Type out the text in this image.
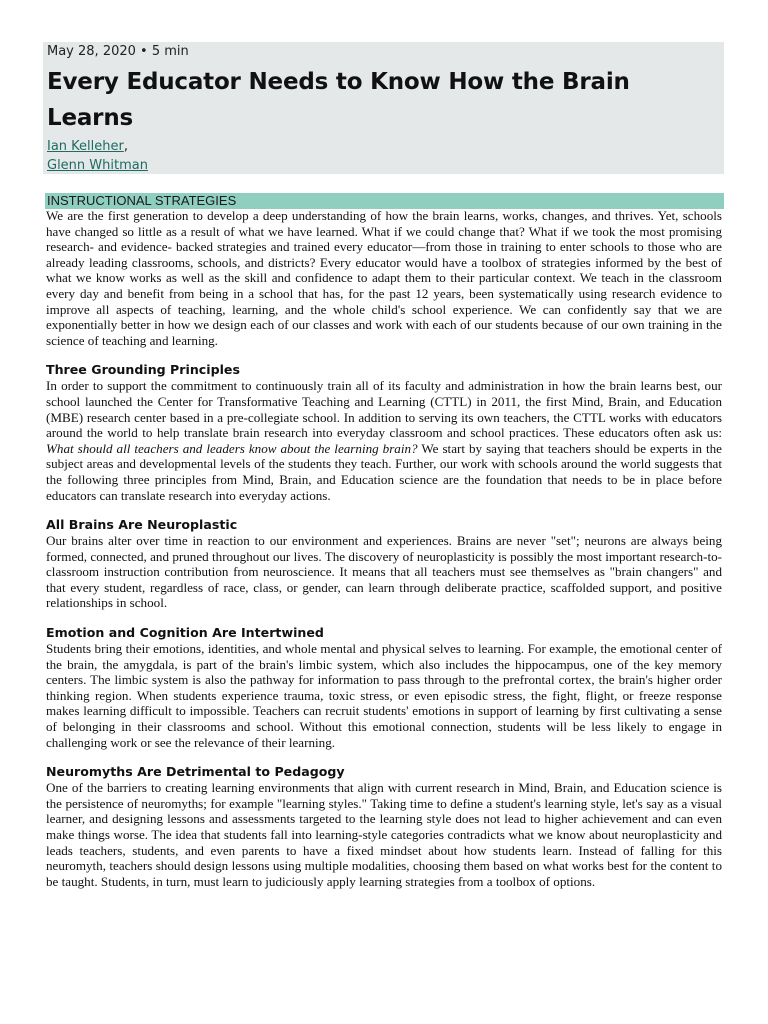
May 28, 2020 • 5 min
Every Educator Needs to Know How the Brain Learns
Ian Kelleher,
Glenn Whitman
INSTRUCTIONAL STRATEGIES

We are the first generation to develop a deep understanding of how the brain learns, works, changes, and thrives. Yet, schools have changed so little as a result of what we have learned. What if we could change that? What if we took the most promising research- and evidence- backed strategies and trained every educator—from those in training to enter schools to those who are already leading classrooms, schools, and districts? Every educator would have a toolbox of strategies informed by the best of what we know works as well as the skill and confidence to adapt them to their particular context. We teach in the classroom every day and benefit from being in a school that has, for the past 12 years, been systematically using research evidence to improve all aspects of teaching, learning, and the whole child's school experience. We can confidently say that we are exponentially better in how we design each of our classes and work with each of our students because of our own training in the science of teaching and learning.

Three Grounding Principles

In order to support the commitment to continuously train all of its faculty and administration in how the brain learns best, our school launched the Center for Transformative Teaching and Learning (CTTL) in 2011, the first Mind, Brain, and Education (MBE) research center based in a pre-collegiate school. In addition to serving its own teachers, the CTTL works with educators around the world to help translate brain research into everyday classroom and school practices. These educators often ask us: What should all teachers and leaders know about the learning brain? We start by saying that teachers should be experts in the subject areas and developmental levels of the students they teach. Further, our work with schools around the world suggests that the following three principles from Mind, Brain, and Education science are the foundation that needs to be in place before educators can translate research into everyday actions.

All Brains Are Neuroplastic

Our brains alter over time in reaction to our environment and experiences. Brains are never "set"; neurons are always being formed, connected, and pruned throughout our lives. The discovery of neuroplasticity is possibly the most important research-to-classroom instruction contribution from neuroscience. It means that all teachers must see themselves as "brain changers" and that every student, regardless of race, class, or gender, can learn through deliberate practice, scaffolded support, and positive relationships in school.

Emotion and Cognition Are Intertwined

Students bring their emotions, identities, and whole mental and physical selves to learning. For example, the emotional center of the brain, the amygdala, is part of the brain's limbic system, which also includes the hippocampus, one of the key memory centers. The limbic system is also the pathway for information to pass through to the prefrontal cortex, the brain's higher order thinking region. When students experience trauma, toxic stress, or even episodic stress, the fight, flight, or freeze response makes learning difficult to impossible. Teachers can recruit students' emotions in support of learning by first cultivating a sense of belonging in their classrooms and school. Without this emotional connection, students will be less likely to engage in challenging work or see the relevance of their learning.

Neuromyths Are Detrimental to Pedagogy

One of the barriers to creating learning environments that align with current research in Mind, Brain, and Education science is the persistence of neuromyths; for example "learning styles." Taking time to define a student's learning style, let's say as a visual learner, and designing lessons and assessments targeted to the learning style does not lead to higher achievement and can even make things worse. The idea that students fall into learning-style categories contradicts what we know about neuroplasticity and leads teachers, students, and even parents to have a fixed mindset about how students learn. Instead of falling for this neuromyth, teachers should design lessons using multiple modalities, choosing them based on what works best for the content to be taught. Students, in turn, must learn to judiciously apply learning strategies from a toolbox of options.
